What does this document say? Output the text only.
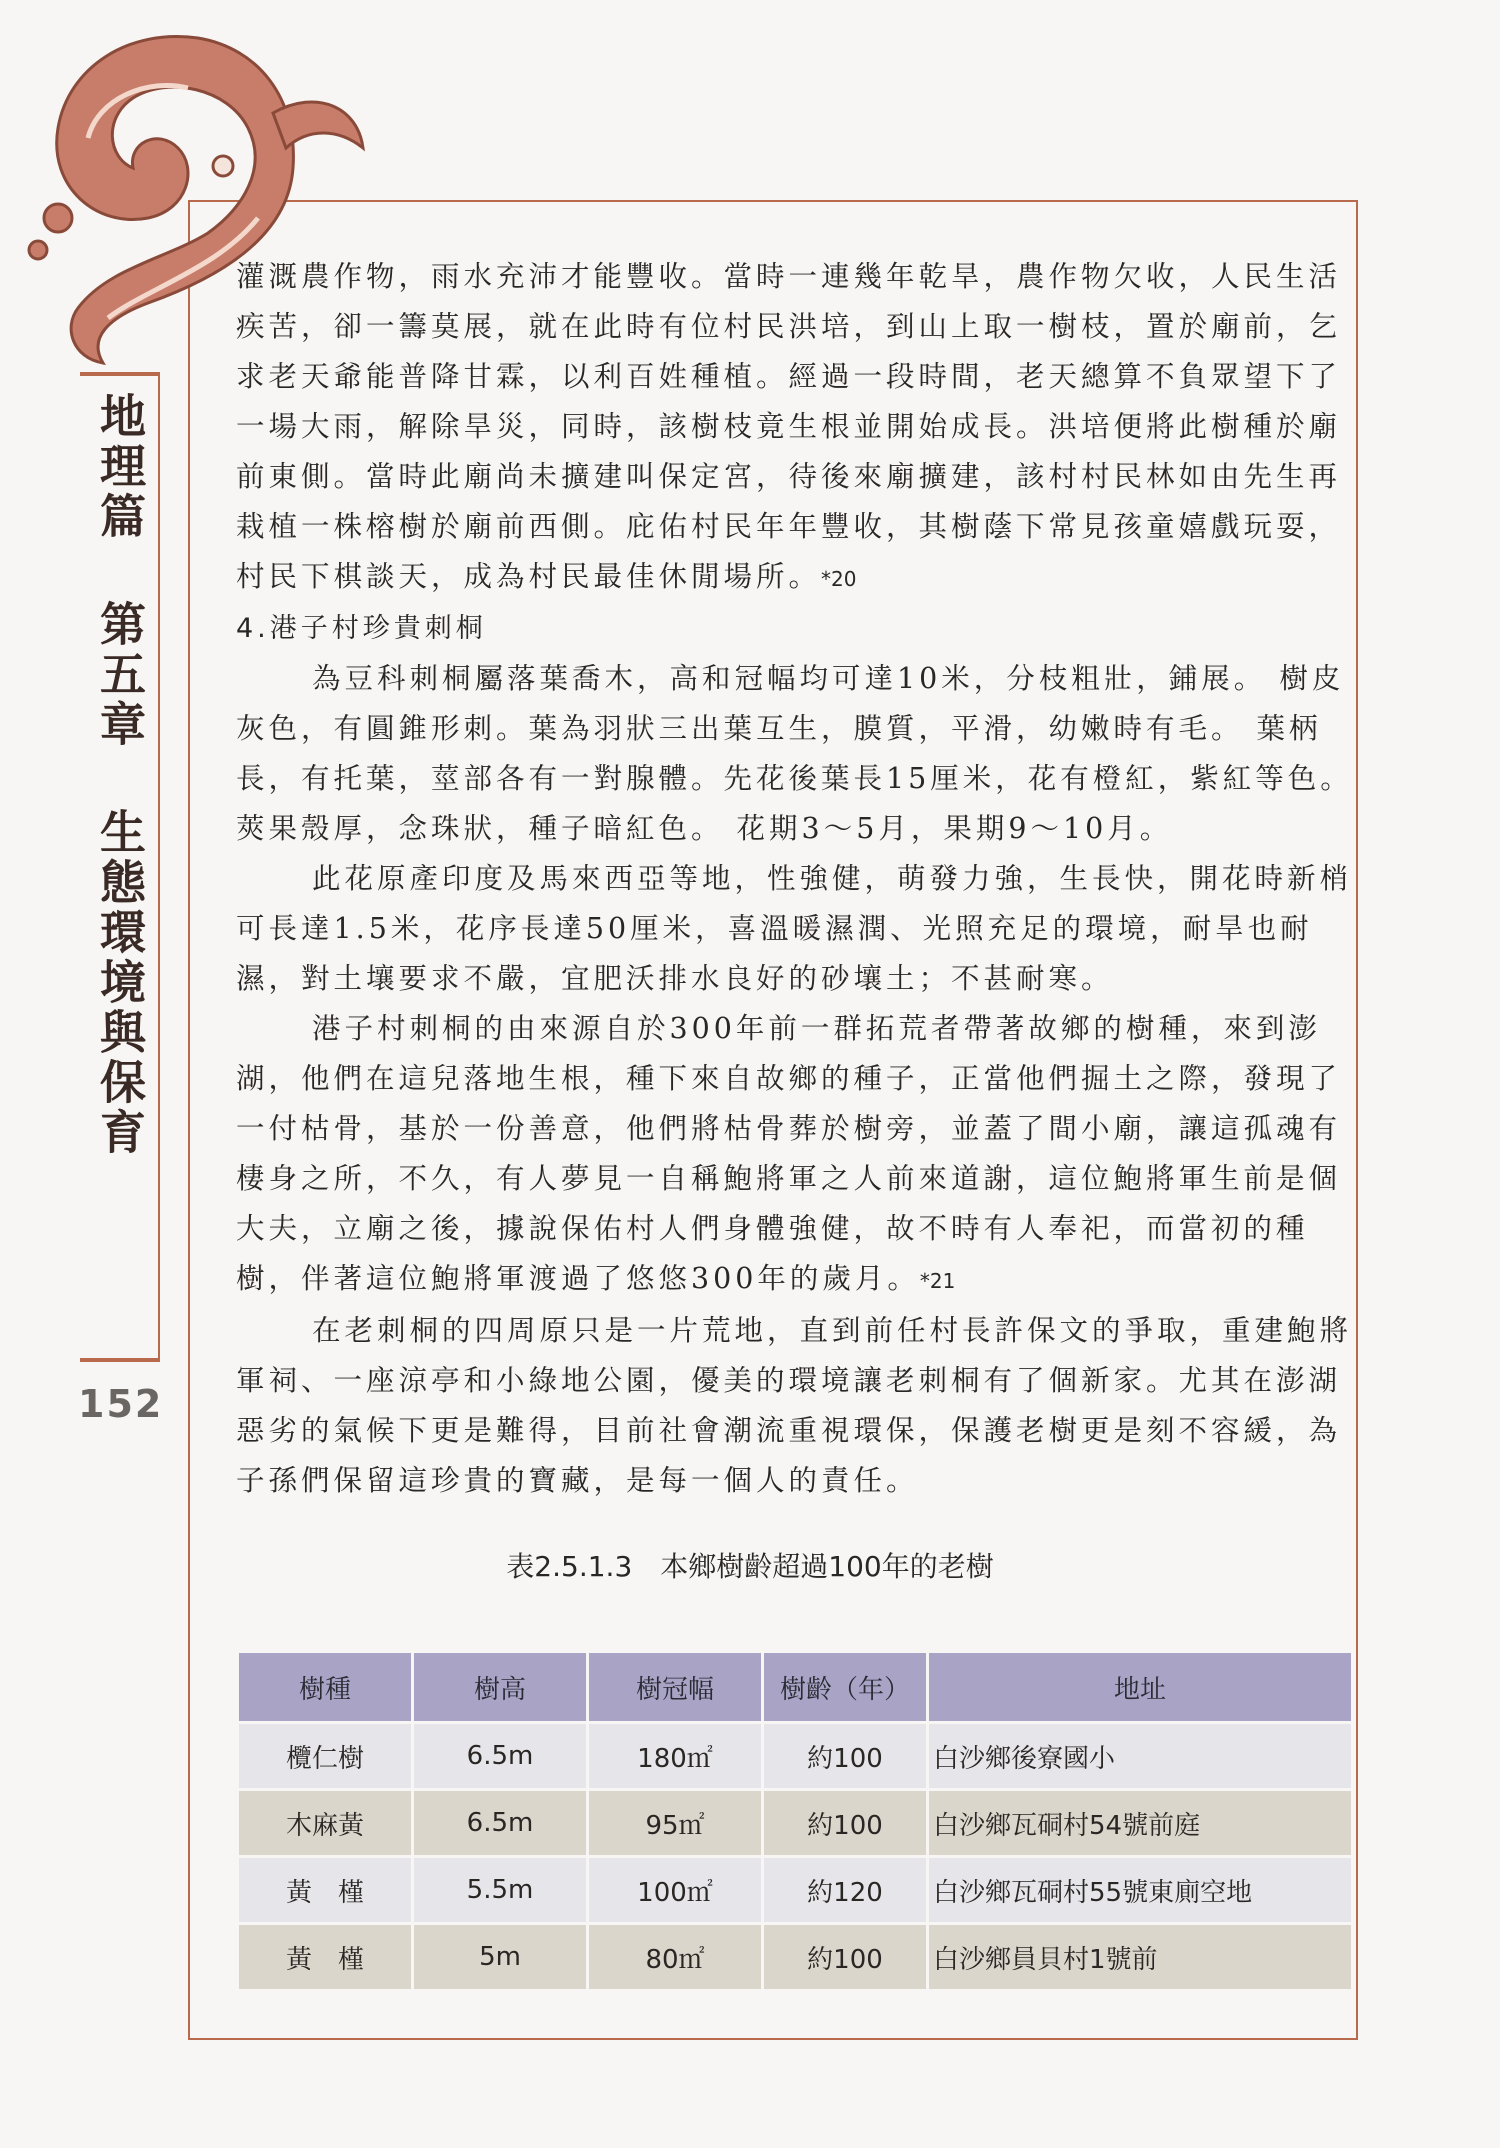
地理篇 第五章 生態環境與保育
152

灌溉農作物，雨水充沛才能豐收。當時一連幾年乾旱，農作物欠收，人民生活疾苦，卻一籌莫展，就在此時有位村民洪培，到山上取一樹枝，置於廟前，乞求老天爺能普降甘霖，以利百姓種植。經過一段時間，老天總算不負眾望下了一場大雨，解除旱災，同時，該樹枝竟生根並開始成長。洪培便將此樹種於廟前東側。當時此廟尚未擴建叫保定宮，待後來廟擴建，該村村民林如由先生再栽植一株榕樹於廟前西側。庇佑村民年年豐收，其樹蔭下常見孩童嬉戲玩耍，村民下棋談天，成為村民最佳休閒場所。*20

4.港子村珍貴刺桐

為豆科刺桐屬落葉喬木，高和冠幅均可達10米，分枝粗壯，鋪展。 樹皮灰色，有圓錐形刺。葉為羽狀三出葉互生，膜質，平滑，幼嫩時有毛。 葉柄長，有托葉，莖部各有一對腺體。先花後葉長15厘米，花有橙紅，紫紅等色。莢果殼厚，念珠狀，種子暗紅色。 花期3～5月，果期9～10月。

此花原產印度及馬來西亞等地，性強健，萌發力強，生長快，開花時新梢可長達1.5米，花序長達50厘米，喜溫暖濕潤、光照充足的環境，耐旱也耐濕，對土壤要求不嚴，宜肥沃排水良好的砂壤土；不甚耐寒。

港子村刺桐的由來源自於300年前一群拓荒者帶著故鄉的樹種，來到澎湖，他們在這兒落地生根，種下來自故鄉的種子，正當他們掘土之際，發現了一付枯骨，基於一份善意，他們將枯骨葬於樹旁，並蓋了間小廟，讓這孤魂有棲身之所，不久，有人夢見一自稱鮑將軍之人前來道謝，這位鮑將軍生前是個大夫，立廟之後，據說保佑村人們身體強健，故不時有人奉祀，而當初的種樹，伴著這位鮑將軍渡過了悠悠300年的歲月。*21

在老刺桐的四周原只是一片荒地，直到前任村長許保文的爭取，重建鮑將軍祠、一座涼亭和小綠地公園，優美的環境讓老刺桐有了個新家。尤其在澎湖惡劣的氣候下更是難得，目前社會潮流重視環保，保護老樹更是刻不容緩，為子孫們保留這珍貴的寶藏，是每一個人的責任。

表2.5.1.3　本鄉樹齡超過100年的老樹
樹種	樹高	樹冠幅	樹齡（年）	地址
欖仁樹	6.5m	180㎡	約100	白沙鄉後寮國小
木麻黃	6.5m	95㎡	約100	白沙鄉瓦硐村54號前庭
黃　槿	5.5m	100㎡	約120	白沙鄉瓦硐村55號東廁空地
黃　槿	5m	80㎡	約100	白沙鄉員貝村1號前
